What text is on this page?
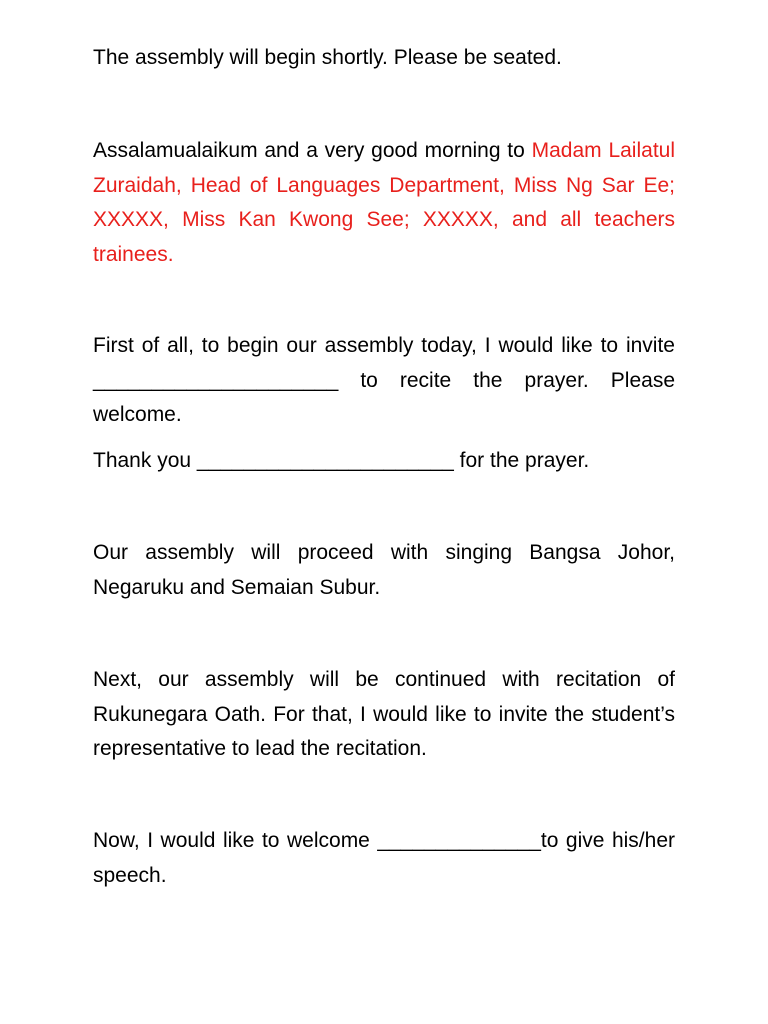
The assembly will begin shortly. Please be seated.

Assalamualaikum and a very good morning to Madam Lailatul Zuraidah, Head of Languages Department, Miss Ng Sar Ee; XXXXX, Miss Kan Kwong See; XXXXX, and all teachers trainees.

First of all, to begin our assembly today, I would like to invite _____________________ to recite the prayer. Please welcome.

Thank you ______________________ for the prayer.

Our assembly will proceed with singing Bangsa Johor, Negaruku and Semaian Subur.

Next, our assembly will be continued with recitation of Rukunegara Oath. For that, I would like to invite the student’s representative to lead the recitation.

Now, I would like to welcome ______________to give his/her speech.
